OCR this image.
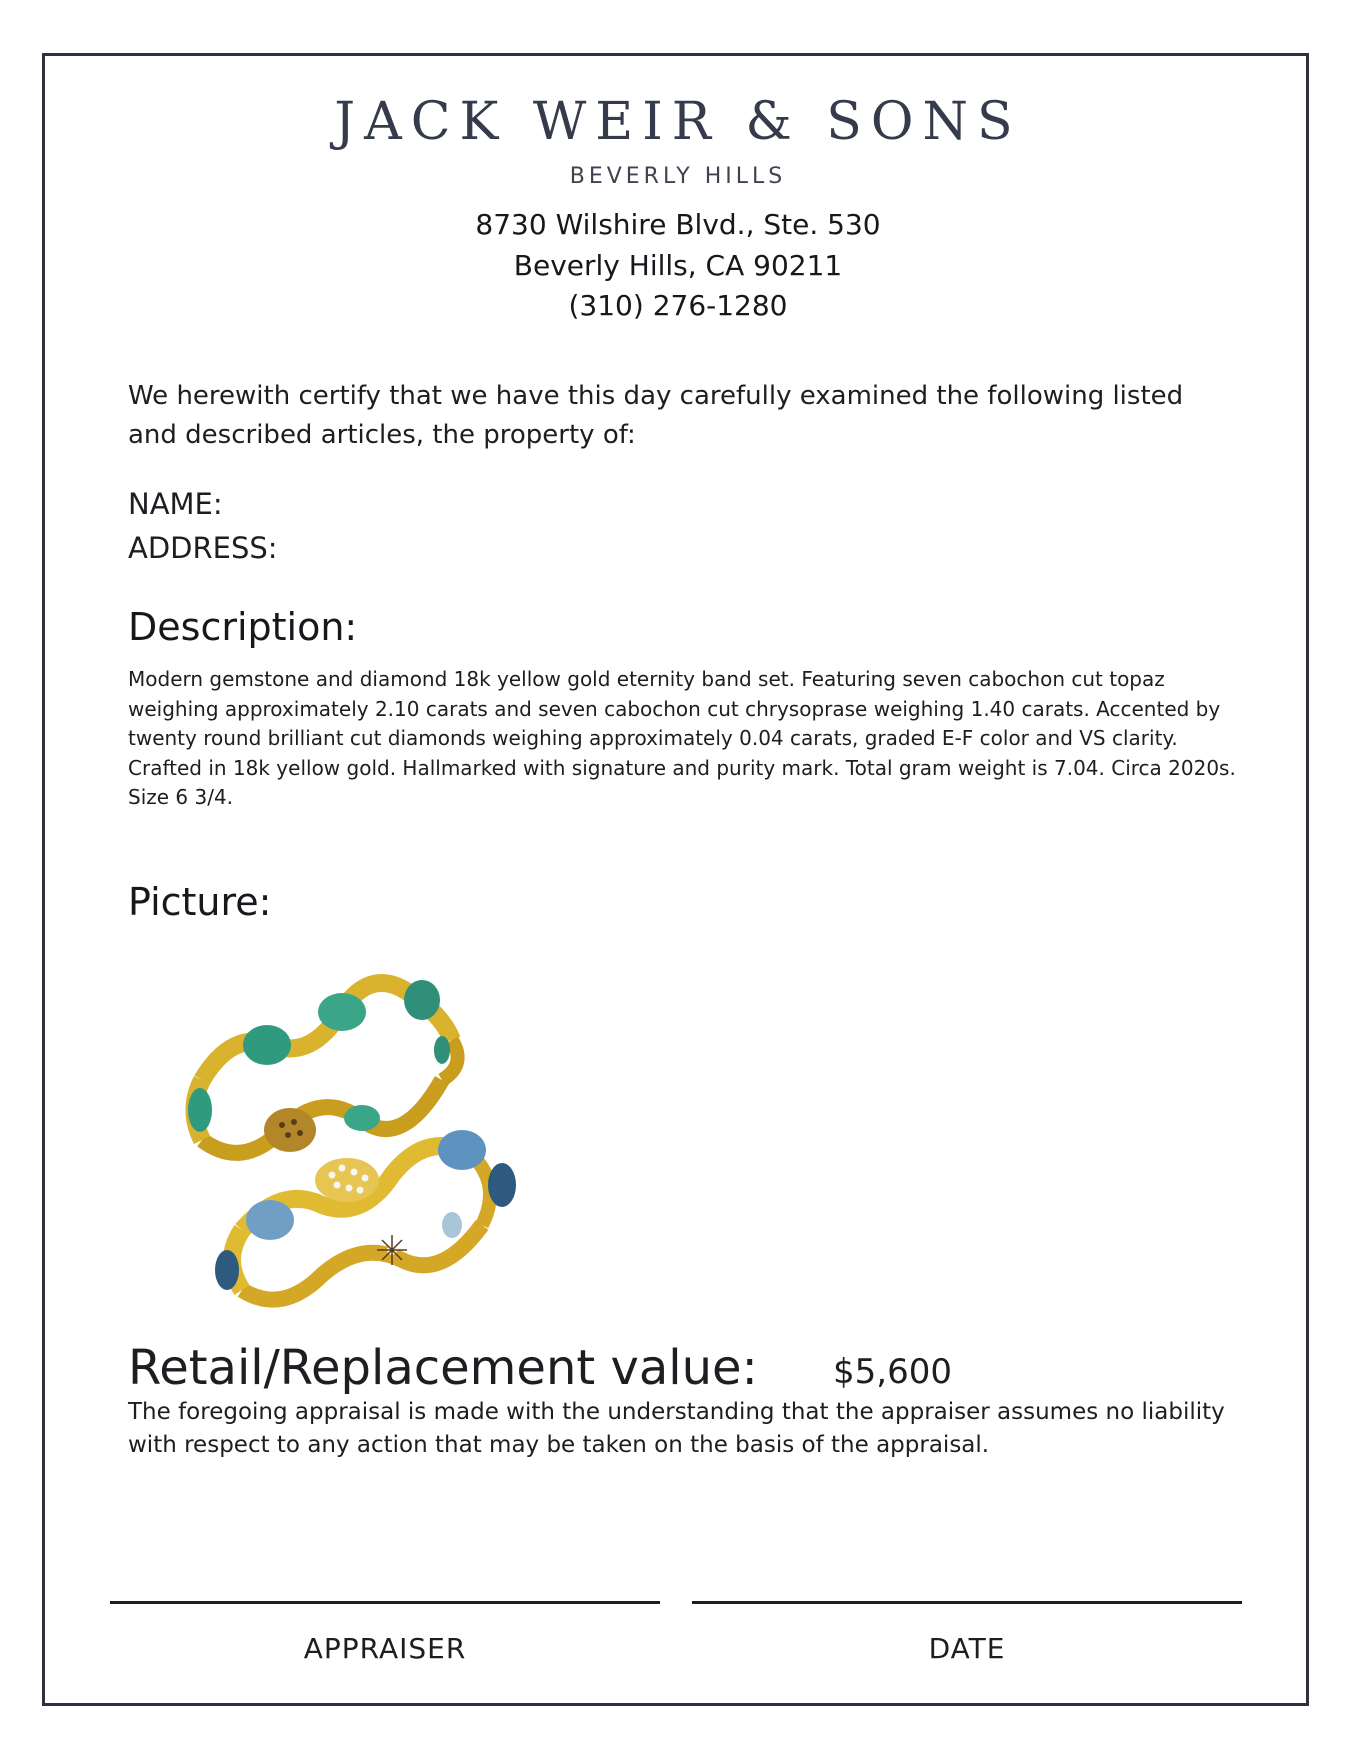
JACK WEIR & SONS
BEVERLY HILLS
8730 Wilshire Blvd., Ste. 530
Beverly Hills, CA 90211
(310) 276-1280
We herewith certify that we have this day carefully examined the following listed and described articles, the property of:
NAME:
ADDRESS:
Description:
Modern gemstone and diamond 18k yellow gold eternity band set. Featuring seven cabochon cut topaz weighing approximately 2.10 carats and seven cabochon cut chrysoprase weighing 1.40 carats. Accented by twenty round brilliant cut diamonds weighing approximately 0.04 carats, graded E-F color and VS clarity. Crafted in 18k yellow gold. Hallmarked with signature and purity mark. Total gram weight is 7.04. Circa 2020s. Size 6 3/4.
Picture:
Retail/Replacement value: $5,600
The foregoing appraisal is made with the understanding that the appraiser assumes no liability with respect to any action that may be taken on the basis of the appraisal.
APPRAISER	DATE
